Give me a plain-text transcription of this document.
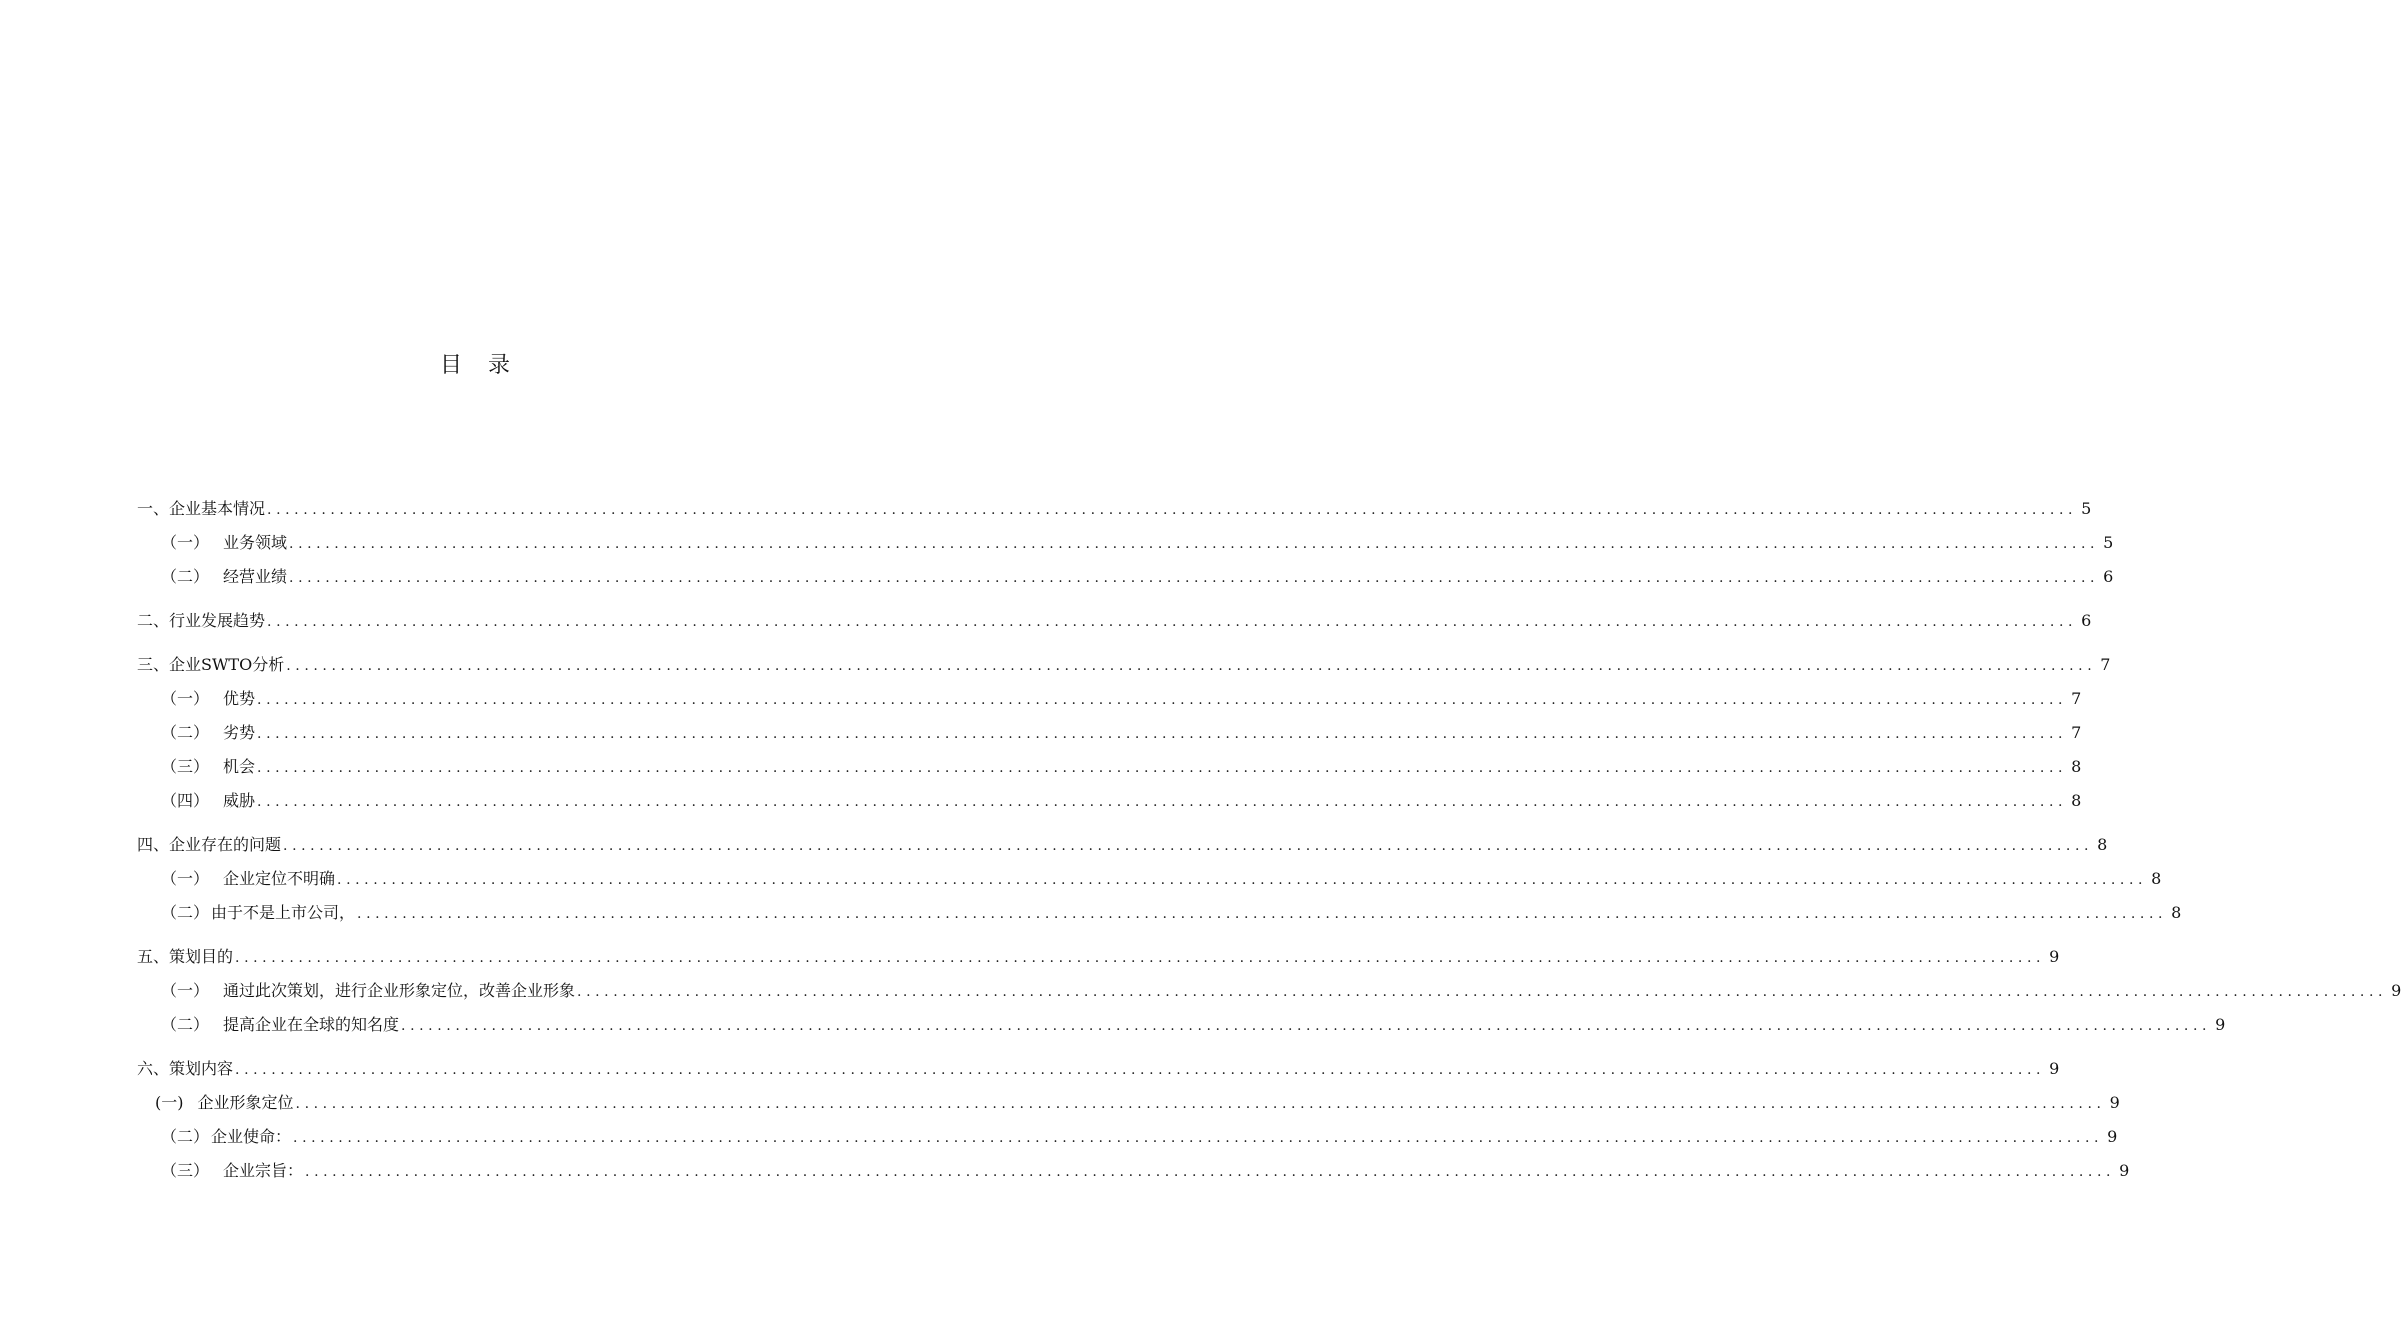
目录
一、企业基本情况 ........................................................................................................................................................................................................ 5
（一） 业务领域 ........................................................................................................................................................................................................ 5
（二） 经营业绩 ........................................................................................................................................................................................................ 6
二、行业发展趋势 ........................................................................................................................................................................................................ 6
三、企业SWTO分析 ........................................................................................................................................................................................................ 7
（一） 优势 ........................................................................................................................................................................................................ 7
（二） 劣势 ........................................................................................................................................................................................................ 7
（三） 机会 ........................................................................................................................................................................................................ 8
（四） 威胁 ........................................................................................................................................................................................................ 8
四、企业存在的问题 ........................................................................................................................................................................................................ 8
（一） 企业定位不明确 ........................................................................................................................................................................................................ 8
（二） 由于不是上市公司， ........................................................................................................................................................................................................ 8
五、策划目的 ........................................................................................................................................................................................................ 9
（一） 通过此次策划，进行企业形象定位，改善企业形象 ........................................................................................................................................................................................................ 9
（二） 提高企业在全球的知名度 ........................................................................................................................................................................................................ 9
六、策划内容 ........................................................................................................................................................................................................ 9
(一) 企业形象定位 ........................................................................................................................................................................................................ 9
（二） 企业使命： ........................................................................................................................................................................................................ 9
（三） 企业宗旨： ........................................................................................................................................................................................................ 9
